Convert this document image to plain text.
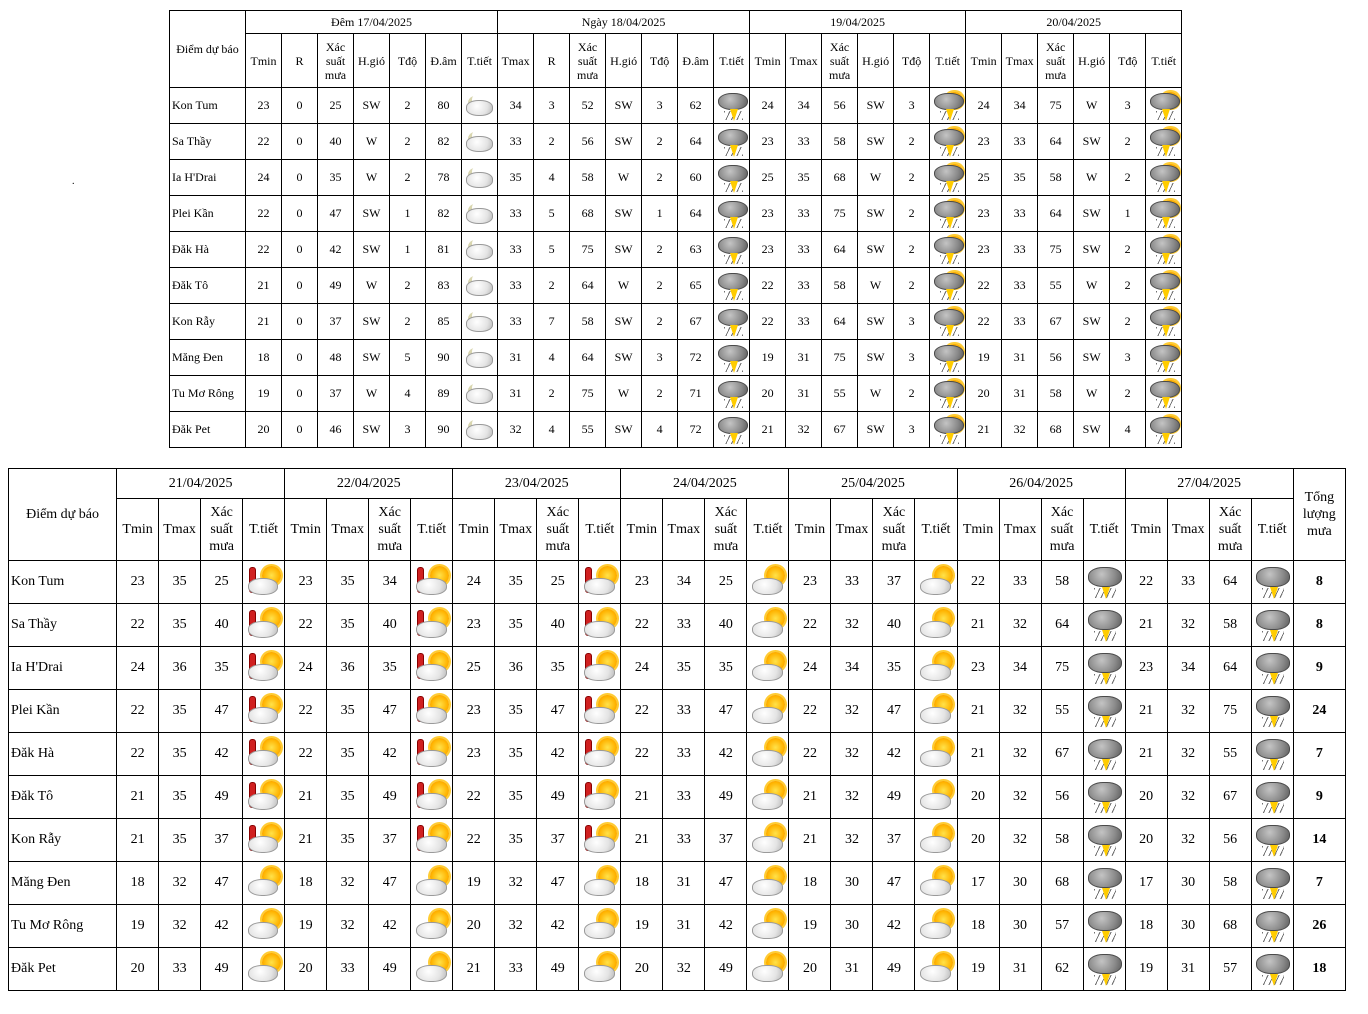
.
Điểm dự báo	Đêm 17/04/2025							Ngày 18/04/2025							19/04/2025						20/04/2025					
	Tmin	R	Xác suất mưa	H.gió	Tđộ	Đ.âm	T.tiết	Tmax	R	Xác suất mưa	H.gió	Tđộ	Đ.âm	T.tiết	Tmin	Tmax	Xác suất mưa	H.gió	Tđộ	T.tiết	Tmin	Tmax	Xác suất mưa	H.gió	Tđộ	T.tiết
Kon Tum	23	0	25	SW	2	80		34	3	52	SW	3	62		24	34	56	SW	3		24	34	75	W	3	

Sa Thầy	22	0	40	W	2	82		33	2	56	SW	2	64		23	33	58	SW	2		23	33	64	SW	2	

Ia H'Drai	24	0	35	W	2	78		35	4	58	W	2	60		25	35	68	W	2		25	35	58	W	2	

Plei Kần	22	0	47	SW	1	82		33	5	68	SW	1	64		23	33	75	SW	2		23	33	64	SW	1	

Đăk Hà	22	0	42	SW	1	81		33	5	75	SW	2	63		23	33	64	SW	2		23	33	75	SW	2	

Đăk Tô	21	0	49	W	2	83		33	2	64	W	2	65		22	33	58	W	2		22	33	55	W	2	

Kon Rẫy	21	0	37	SW	2	85		33	7	58	SW	2	67		22	33	64	SW	3		22	33	67	SW	2	

Măng Đen	18	0	48	SW	5	90		31	4	64	SW	3	72		19	31	75	SW	3		19	31	56	SW	3	

Tu Mơ Rông	19	0	37	W	4	89		31	2	75	W	2	71		20	31	55	W	2		20	31	58	W	2	

Đăk Pet	20	0	46	SW	3	90		32	4	55	SW	4	72		21	32	67	SW	3		21	32	68	SW	4	
Điểm dự báo	21/04/2025				22/04/2025				23/04/2025				24/04/2025				25/04/2025				26/04/2025				27/04/2025				Tổng lượng mưa
	Tmin	Tmax	Xác suất mưa	T.tiết	Tmin	Tmax	Xác suất mưa	T.tiết	Tmin	Tmax	Xác suất mưa	T.tiết	Tmin	Tmax	Xác suất mưa	T.tiết	Tmin	Tmax	Xác suất mưa	T.tiết	Tmin	Tmax	Xác suất mưa	T.tiết	Tmin	Tmax	Xác suất mưa	T.tiết	
Kon Tum	23	35	25		23	35	34		24	35	25		23	34	25		23	33	37		22	33	58		22	33	64		8
Sa Thầy	22	35	40		22	35	40		23	35	40		22	33	40		22	32	40		21	32	64		21	32	58		8
Ia H'Drai	24	36	35		24	36	35		25	36	35		24	35	35		24	34	35		23	34	75		23	34	64		9
Plei Kần	22	35	47		22	35	47		23	35	47		22	33	47		22	32	47		21	32	55		21	32	75		24
Đăk Hà	22	35	42		22	35	42		23	35	42		22	33	42		22	32	42		21	32	67		21	32	55		7
Đăk Tô	21	35	49		21	35	49		22	35	49		21	33	49		21	32	49		20	32	56		20	32	67		9
Kon Rẫy	21	35	37		21	35	37		22	35	37		21	33	37		21	32	37		20	32	58		20	32	56		14
Măng Đen	18	32	47		18	32	47		19	32	47		18	31	47		18	30	47		17	30	68		17	30	58		7
Tu Mơ Rông	19	32	42		19	32	42		20	32	42		19	31	42		19	30	42		18	30	57		18	30	68		26
Đăk Pet	20	33	49		20	33	49		21	33	49		20	32	49		20	31	49		19	31	62		19	31	57		18
